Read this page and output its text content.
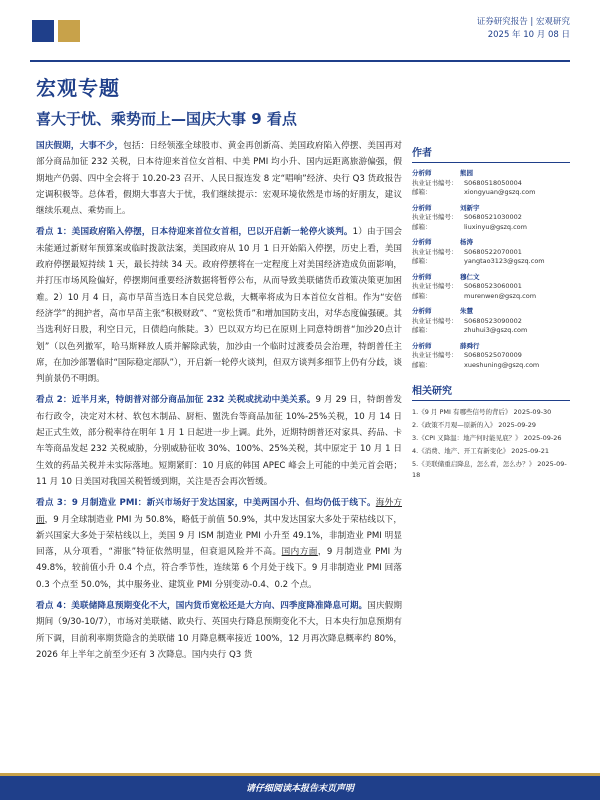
证券研究报告 | 宏观研究
2025 年 10 月 08 日
宏观专题
喜大于忧、乘势而上—国庆大事 9 看点

国庆假期，大事不少，包括：日经领涨全球股市、黄金再创新高、美国政府陷入停摆、美国再对部分商品加征 232 关税，日本待迎来首位女首相、中美 PMI 均小升、国内远距离旅游偏强，假期地产仍弱、四中全会将于 10.20-23 召开、人民日报连发 8 定“唱响”经济、央行 Q3 货政报告定调积极等。总体看，假期大事喜大于忧，我们继续提示：宏观环境依然是市场的好朋友，建议继续乐观点、乘势而上。

看点 1：美国政府陷入停摆，日本待迎来首位女首相，巴以开启新一轮停火谈判。1）由于国会未能通过新财年预算案或临时拨款法案，美国政府从 10 月 1 日开始陷入停摆，历史上看，美国政府停摆最短持续 1 天，最长持续 34 天。政府停摆将在一定程度上对美国经济造成负面影响，并打压市场风险偏好，停摆期间重要经济数据将暂停公布，从而导致美联储货币政策决策更加困难。2）10 月 4 日，高市早苗当选日本自民党总裁，大概率将成为日本首位女首相。作为“安倍经济学”的拥护者，高市早苗主张“积极财政”、“宽松货币”和增加国防支出，对华态度偏强硬。其当选利好日股，利空日元，日债趋向熊陡。3）巴以双方均已在原则上同意特朗普“加沙20点计划”（以色列撤军，哈马斯释放人质并解除武装，加沙由一个临时过渡委员会治理，特朗普任主席，在加沙部署临时“国际稳定部队”），开启新一轮停火谈判，但双方谈判多细节上仍有分歧，谈判前景仍不明朗。

看点 2：近半月来，特朗普对部分商品加征 232 关税或扰动中美关系。9 月 29 日，特朗普发布行政令，决定对木材、软包木制品、厨柜、盥洗台等商品加征 10%-25%关税，10 月 14 日起正式生效，部分税率待在明年 1 月 1 日起进一步上调。此外，近期特朗普还对家具、药品、卡车等商品发起 232 关税威胁，分别威胁征收 30%、100%、25%关税，其中原定于 10 月 1 日生效的药品关税并未实际落地。短期紧盯：10 月底的韩国 APEC 峰会上可能的中美元首会晤；11 月 10 日美国对我国关税暂缓到期，关注是否会再次暂缓。

看点 3：9 月制造业 PMI：新兴市场好于发达国家，中美两国小升、但均仍低于线下。海外方面，9 月全球制造业 PMI 为 50.8%，略低于前值 50.9%，其中发达国家大多处于荣枯线以下，新兴国家大多处于荣枯线以上，美国 9 月 ISM 制造业 PMI 小升至 49.1%，非制造业 PMI 明显回落，从分项看，“滞胀”特征依然明显，但衰退风险并不高。国内方面，9 月制造业 PMI 为 49.8%，较前值小升 0.4 个点，符合季节性，连续第 6 个月处于线下。9 月非制造业 PMI 回落 0.3 个点至 50.0%，其中服务业、建筑业 PMI 分别变动-0.4、0.2 个点。

看点 4：美联储降息预期变化不大，国内货币宽松还是大方向、四季度降准降息可期。国庆假期期间（9/30-10/7），市场对美联储、欧央行、英国央行降息预期变化不大，日本央行加息预期有所下调，目前利率期货隐含的美联储 10 月降息概率接近 100%，12 月再次降息概率约 80%，2026 年上半年之前至少还有 3 次降息。国内央行 Q3 货

作者
分析师	熊园
执业证书编号：	S0680518050004
邮箱：	xiongyuan@gszq.com
分析师	刘新宇
执业证书编号：	S0680521030002
邮箱：	liuxinyu@gszq.com
分析师	杨涛
执业证书编号：	S0680522070001
邮箱：	yangtao3123@gszq.com
分析师	穆仁文
执业证书编号：	S0680523060001
邮箱：	murenwen@gszq.com
分析师	朱慧
执业证书编号：	S0680523090002
邮箱：	zhuhui3@gszq.com
分析师	薛舜行
执业证书编号：	S0680525070009
邮箱：	xueshuning@gszq.com
相关研究
1.《9 月 PMI 有哪些信号的背后》 2025-09-30
2.《政策不月观—原新的入》 2025-09-29
3.《CPI 又降温：地产何时能见底？》 2025-09-26
4.《消费、地产、开工有新变化》 2025-09-21
5.《美联储重启降息，怎么看，怎么办？》 2025-09-18
请仔细阅读本报告末页声明
